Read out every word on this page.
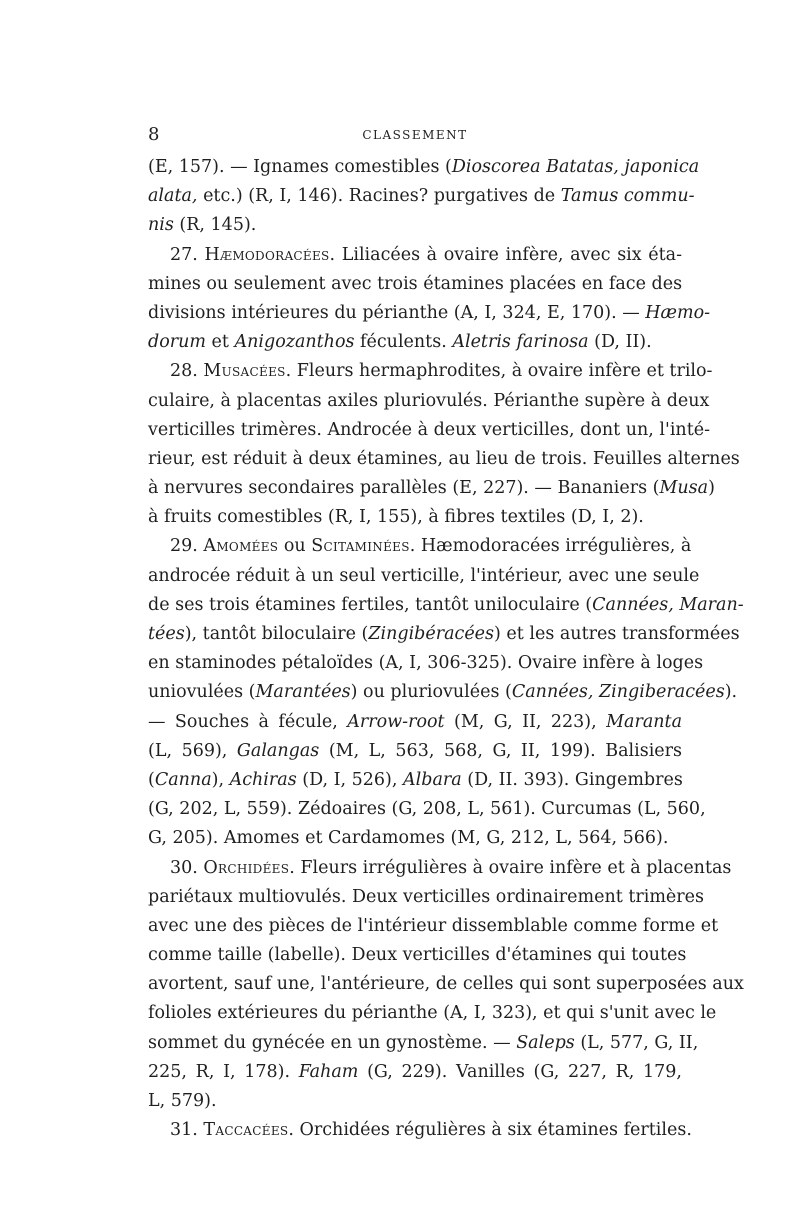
8	CLASSEMENT
(E, 157). — Ignames comestibles (Dioscorea Batatas, japonica
alata, etc.) (R, I, 146). Racines? purgatives de Tamus commu-
nis (R, 145).
27. Hæmodoracées. Liliacées à ovaire infère, avec six éta-
mines ou seulement avec trois étamines placées en face des
divisions intérieures du périanthe (A, I, 324, E, 170). — Hæmo-
dorum et Anigozanthos féculents. Aletris farinosa (D, II).
28. Musacées. Fleurs hermaphrodites, à ovaire infère et trilo-
culaire, à placentas axiles pluriovulés. Périanthe supère à deux
verticilles trimères. Androcée à deux verticilles, dont un, l'inté-
rieur, est réduit à deux étamines, au lieu de trois. Feuilles alternes
à nervures secondaires parallèles (E, 227). — Bananiers (Musa)
à fruits comestibles (R, I, 155), à fibres textiles (D, I, 2).
29. Amomées ou Scitaminées. Hæmodoracées irrégulières, à
androcée réduit à un seul verticille, l'intérieur, avec une seule
de ses trois étamines fertiles, tantôt uniloculaire (Cannées, Maran-
tées), tantôt biloculaire (Zingibéracées) et les autres transformées
en staminodes pétaloïdes (A, I, 306-325). Ovaire infère à loges
uniovulées (Marantées) ou pluriovulées (Cannées, Zingiberacées).
— Souches à fécule, Arrow-root (M, G, II, 223), Maranta
(L, 569), Galangas (M, L, 563, 568, G, II, 199). Balisiers
(Canna), Achiras (D, I, 526), Albara (D, II. 393). Gingembres
(G, 202, L, 559). Zédoaires (G, 208, L, 561). Curcumas (L, 560,
G, 205). Amomes et Cardamomes (M, G, 212, L, 564, 566).
30. Orchidées. Fleurs irrégulières à ovaire infère et à placentas
pariétaux multiovulés. Deux verticilles ordinairement trimères
avec une des pièces de l'intérieur dissemblable comme forme et
comme taille (labelle). Deux verticilles d'étamines qui toutes
avortent, sauf une, l'antérieure, de celles qui sont superposées aux
folioles extérieures du périanthe (A, I, 323), et qui s'unit avec le
sommet du gynécée en un gynostème. — Saleps (L, 577, G, II,
225, R, I, 178). Faham (G, 229). Vanilles (G, 227, R, 179,
L, 579).
31. Taccacées. Orchidées régulières à six étamines fertiles.
